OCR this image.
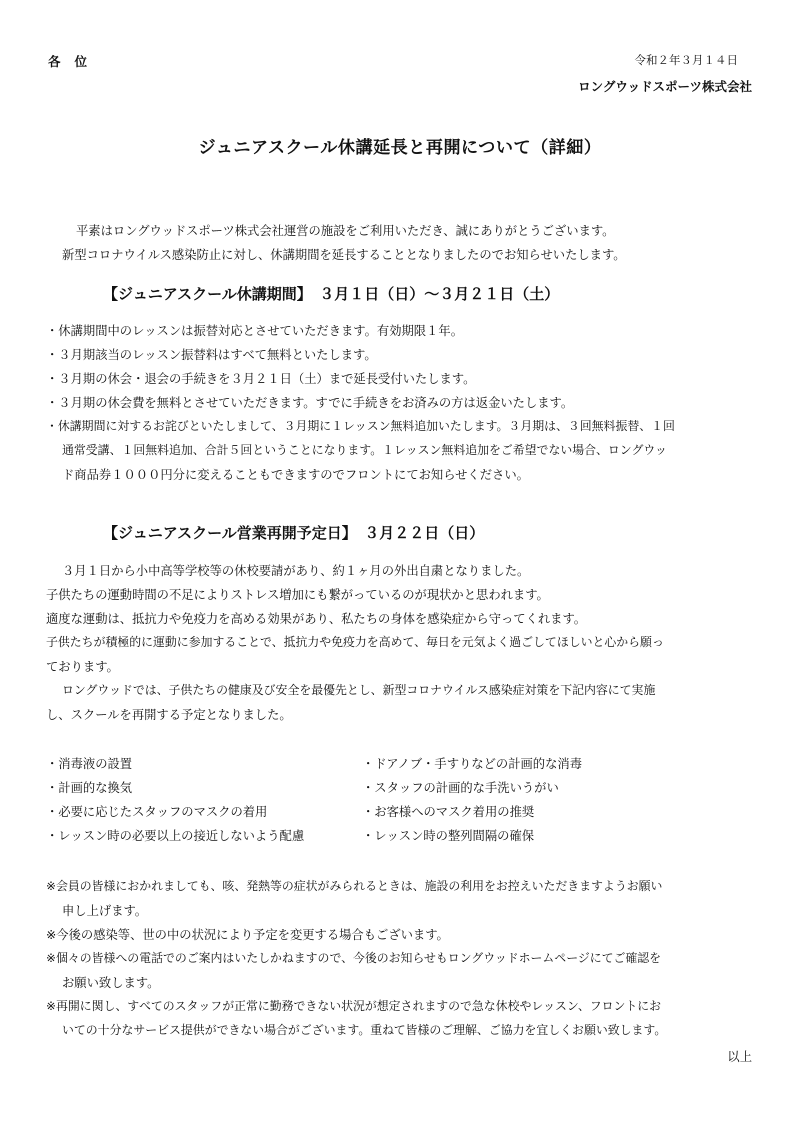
各位	令和２年３月１４日
ロングウッドスポーツ株式会社
ジュニアスクール休講延長と再開について（詳細）
平素はロングウッドスポーツ株式会社運営の施設をご利用いただき、誠にありがとうございます。
新型コロナウイルス感染防止に対し、休講期間を延長することとなりましたのでお知らせいたします。
【ジュニアスクール休講期間】　３月１日（日）～３月２１日（土）
・休講期間中のレッスンは振替対応とさせていただきます。有効期限１年。
・３月期該当のレッスン振替料はすべて無料といたします。
・３月期の休会・退会の手続きを３月２１日（土）まで延長受付いたします。
・３月期の休会費を無料とさせていただきます。すでに手続きをお済みの方は返金いたします。
・休講期間に対するお詫びといたしまして、３月期に１レッスン無料追加いたします。３月期は、３回無料振替、１回
通常受講、１回無料追加、合計５回ということになります。１レッスン無料追加をご希望でない場合、ロングウッ
ド商品券１０００円分に変えることもできますのでフロントにてお知らせください。
【ジュニアスクール営業再開予定日】　３月２２日（日）
３月１日から小中高等学校等の休校要請があり、約１ヶ月の外出自粛となりました。
子供たちの運動時間の不足によりストレス増加にも繋がっているのが現状かと思われます。
適度な運動は、抵抗力や免疫力を高める効果があり、私たちの身体を感染症から守ってくれます。
子供たちが積極的に運動に参加することで、抵抗力や免疫力を高めて、毎日を元気よく過ごしてほしいと心から願っ
ております。
ロングウッドでは、子供たちの健康及び安全を最優先とし、新型コロナウイルス感染症対策を下記内容にて実施
し、スクールを再開する予定となりました。
・消毒液の設置
・計画的な換気
・必要に応じたスタッフのマスクの着用
・レッスン時の必要以上の接近しないよう配慮
・ドアノブ・手すりなどの計画的な消毒
・スタッフの計画的な手洗いうがい
・お客様へのマスク着用の推奨
・レッスン時の整列間隔の確保
※会員の皆様におかれましても、咳、発熱等の症状がみられるときは、施設の利用をお控えいただきますようお願い
申し上げます。
※今後の感染等、世の中の状況により予定を変更する場合もございます。
※個々の皆様への電話でのご案内はいたしかねますので、今後のお知らせもロングウッドホームページにてご確認を
お願い致します。
※再開に関し、すべてのスタッフが正常に勤務できない状況が想定されますので急な休校やレッスン、フロントにお
いての十分なサービス提供ができない場合がございます。重ねて皆様のご理解、ご協力を宜しくお願い致します。
以上
